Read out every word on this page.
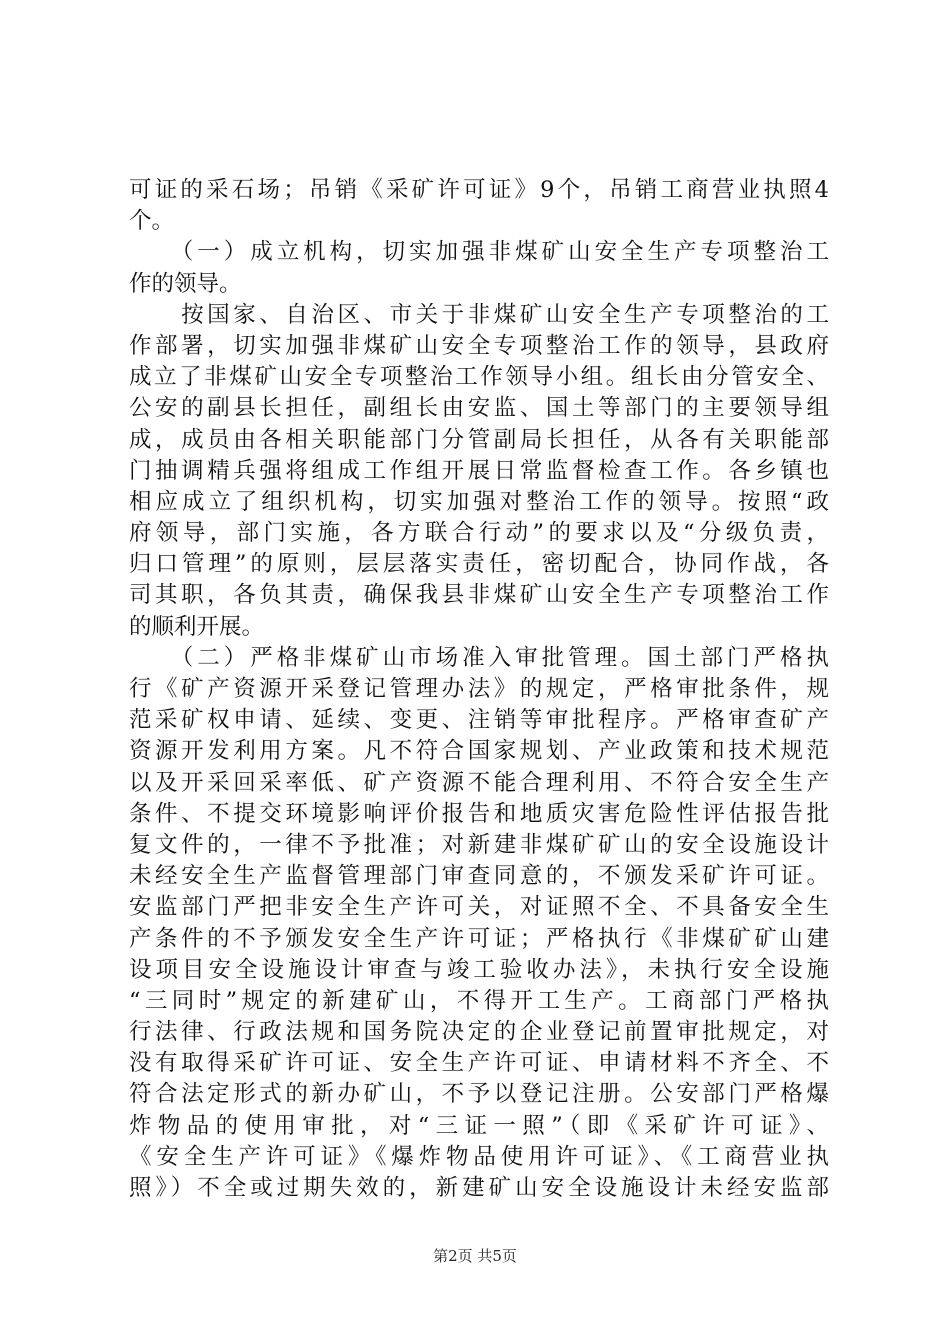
可证的采石场；吊销《采矿许可证》9个，吊销工商营业执照4
个。
　　（一）成立机构，切实加强非煤矿山安全生产专项整治工
作的领导。
　　按国家、自治区、市关于非煤矿山安全生产专项整治的工
作部署，切实加强非煤矿山安全专项整治工作的领导，县政府
成立了非煤矿山安全专项整治工作领导小组。组长由分管安全、
公安的副县长担任，副组长由安监、国土等部门的主要领导组
成，成员由各相关职能部门分管副局长担任，从各有关职能部
门抽调精兵强将组成工作组开展日常监督检查工作。各乡镇也
相应成立了组织机构，切实加强对整治工作的领导。按照“政
府领导，部门实施，各方联合行动”的要求以及“分级负责，
归口管理”的原则，层层落实责任，密切配合，协同作战，各
司其职，各负其责，确保我县非煤矿山安全生产专项整治工作
的顺利开展。
　　（二）严格非煤矿山市场准入审批管理。国土部门严格执
行《矿产资源开采登记管理办法》的规定，严格审批条件，规
范采矿权申请、延续、变更、注销等审批程序。严格审查矿产
资源开发利用方案。凡不符合国家规划、产业政策和技术规范
以及开采回采率低、矿产资源不能合理利用、不符合安全生产
条件、不提交环境影响评价报告和地质灾害危险性评估报告批
复文件的，一律不予批准；对新建非煤矿矿山的安全设施设计
未经安全生产监督管理部门审查同意的，不颁发采矿许可证。
安监部门严把非安全生产许可关，对证照不全、不具备安全生
产条件的不予颁发安全生产许可证；严格执行《非煤矿矿山建
设项目安全设施设计审查与竣工验收办法》，未执行安全设施
“三同时”规定的新建矿山，不得开工生产。工商部门严格执
行法律、行政法规和国务院决定的企业登记前置审批规定，对
没有取得采矿许可证、安全生产许可证、申请材料不齐全、不
符合法定形式的新办矿山，不予以登记注册。公安部门严格爆
炸物品的使用审批，对“三证一照”（即《采矿许可证》、
《安全生产许可证》《爆炸物品使用许可证》、《工商营业执
照》）不全或过期失效的，新建矿山安全设施设计未经安监部
第2页 共5页
